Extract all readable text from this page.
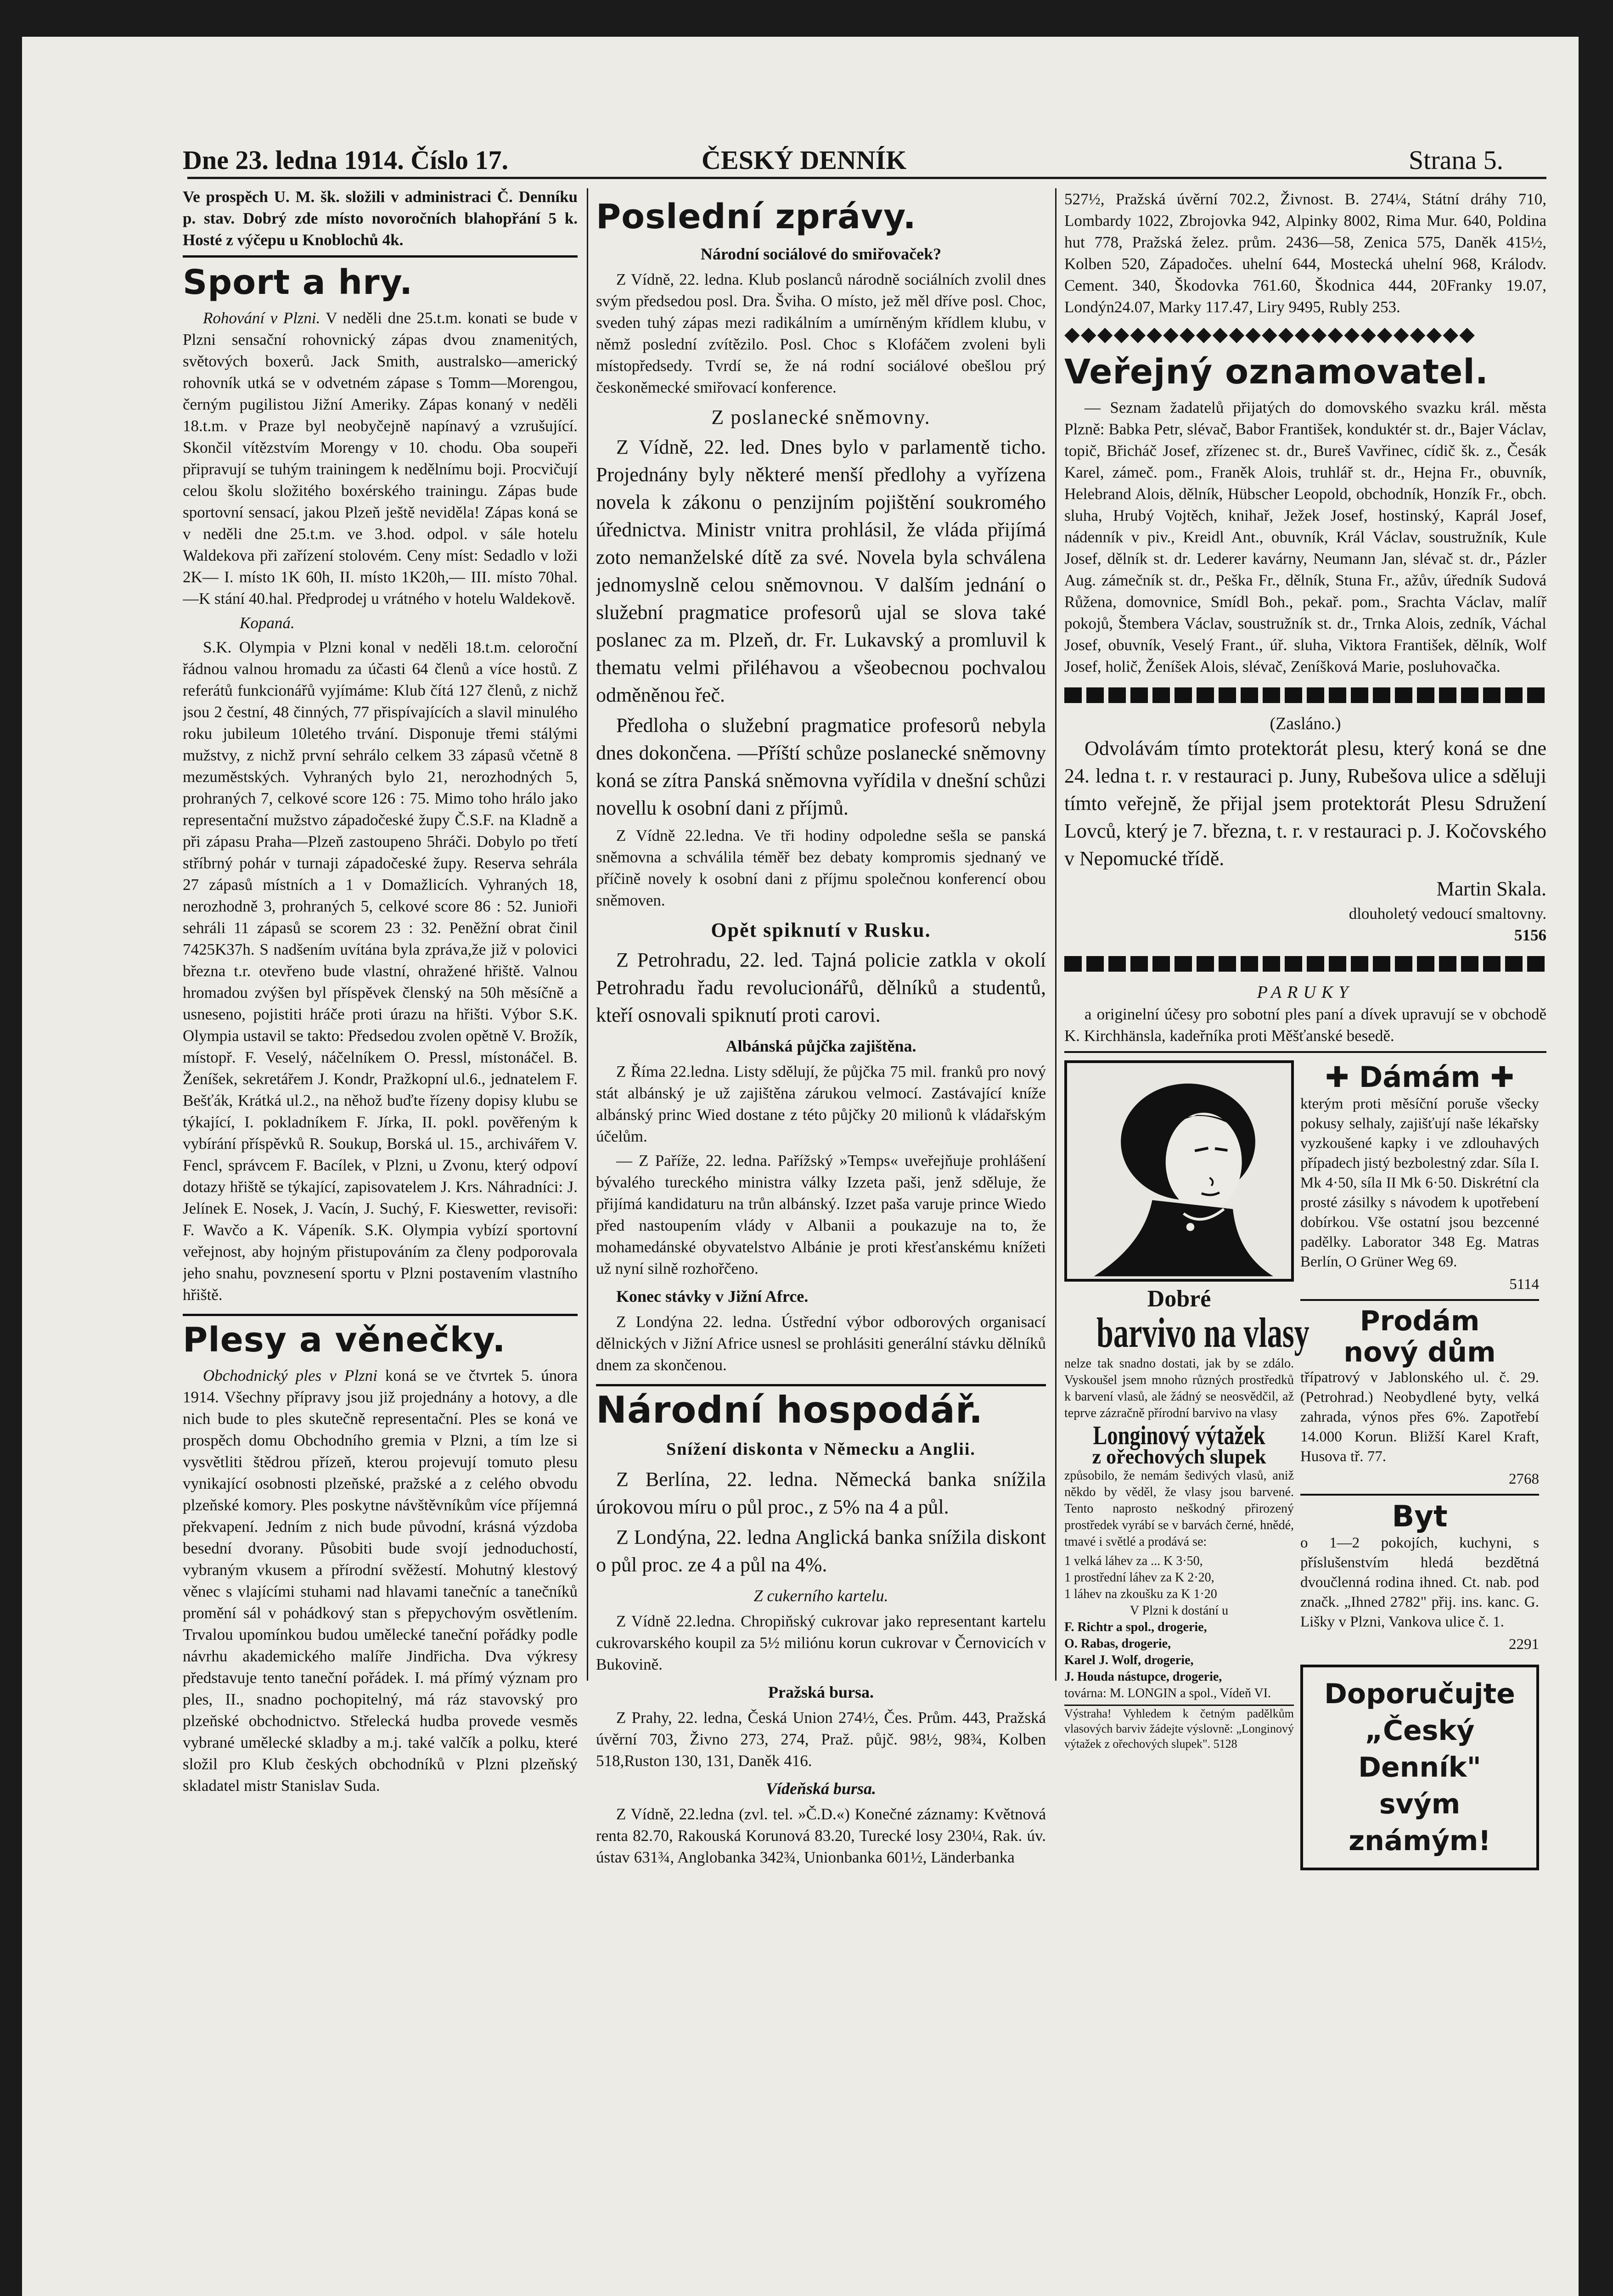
Dne 23. ledna 1914. Číslo 17.	ČESKÝ DENNÍK	Strana 5.

Ve prospěch U. M. šk. složili v administraci Č. Denníku p. stav. Dobrý zde místo novoročních blahopřání 5 k. Hosté z výčepu u Knoblochů 4k.

Sport a hry.

Rohování v Plzni. V neděli dne 25.t.m. konati se bude v Plzni sensační rohovnický zápas dvou znamenitých, světových boxerů. Jack Smith, australsko—americký rohovník utká se v odvetném zápase s Tomm—Morengou, černým pugilistou Jižní Ameriky. Zápas konaný v neděli 18.t.m. v Praze byl neobyčejně napínavý a vzrušující. Skončil vítězstvím Morengy v 10. chodu. Oba soupeři připravují se tuhým trainingem k nedělnímu boji. Procvičují celou školu složitého boxérského trainingu. Zápas bude sportovní sensací, jakou Plzeň ještě neviděla! Zápas koná se v neděli dne 25.t.m. ve 3.hod. odpol. v sále hotelu Waldekova při zařízení stolovém. Ceny míst: Sedadlo v loži 2K— I. místo 1K 60h, II. místo 1K20h,— III. místo 70hal. —K stání 40.hal. Předprodej u vrátného v hotelu Waldekově.

Kopaná.

S.K. Olympia v Plzni konal v neděli 18.t.m. celoroční řádnou valnou hromadu za účasti 64 členů a více hostů. Z referátů funkcionářů vyjímáme: Klub čítá 127 členů, z nichž jsou 2 čestní, 48 činných, 77 přispívajících a slavil minulého roku jubileum 10letého trvání. Disponuje třemi stálými mužstvy, z nichž první sehrálo celkem 33 zápasů včetně 8 mezuměstských. Vyhraných bylo 21, nerozhodných 5, prohraných 7, celkové score 126 : 75. Mimo toho hrálo jako representační mužstvo západočeské župy Č.S.F. na Kladně a při zápasu Praha—Plzeň zastoupeno 5hráči. Dobylo po třetí stříbrný pohár v turnaji západočeské župy. Reserva sehrála 27 zápasů místních a 1 v Domažlicích. Vyhraných 18, nerozhodně 3, prohraných 5, celkové score 86 : 52. Junioři sehráli 11 zápasů se scorem 23 : 32. Peněžní obrat činil 7425K37h. S nadšením uvítána byla zpráva,že již v polovici března t.r. otevřeno bude vlastní, ohražené hřiště. Valnou hromadou zvýšen byl příspěvek členský na 50h měsíčně a usneseno, pojistiti hráče proti úrazu na hřišti. Výbor S.K. Olympia ustavil se takto: Předsedou zvolen opětně V. Brožík, místopř. F. Veselý, náčelníkem O. Pressl, místonáčel. B. Ženíšek, sekretářem J. Kondr, Pražkopní ul.6., jednatelem F. Bešťák, Krátká ul.2., na něhož buďte řízeny dopisy klubu se týkající, I. pokladníkem F. Jírka, II. pokl. pověřeným k vybírání příspěvků R. Soukup, Borská ul. 15., archivářem V. Fencl, správcem F. Bacílek, v Plzni, u Zvonu, který odpoví dotazy hřiště se týkající, zapisovatelem J. Krs. Náhradníci: J. Jelínek E. Nosek, J. Vacín, J. Suchý, F. Kieswetter, revisoři: F. Wavčo a K. Vápeník. S.K. Olympia vybízí sportovní veřejnost, aby hojným přistupováním za členy podporovala jeho snahu, povznesení sportu v Plzni postavením vlastního hřiště.

Plesy a věnečky.

Obchodnický ples v Plzni koná se ve čtvrtek 5. února 1914. Všechny přípravy jsou již projednány a hotovy, a dle nich bude to ples skutečně representační. Ples se koná ve prospěch domu Obchodního gremia v Plzni, a tím lze si vysvětliti štědrou přízeň, kterou projevují tomuto plesu vynikající osobnosti plzeňské, pražské a z celého obvodu plzeňské komory. Ples poskytne návštěvníkům více příjemná překvapení. Jedním z nich bude původní, krásná výzdoba besední dvorany. Působiti bude svojí jednoduchostí, vybraným vkusem a přírodní svěžestí. Mohutný klestový věnec s vlajícími stuhami nad hlavami tanečníc a tanečníků promění sál v pohádkový stan s přepychovým osvětlením. Trvalou upomínkou budou umělecké taneční pořádky podle návrhu akademického malíře Jindřicha. Dva výkresy představuje tento taneční pořádek. I. má přímý význam pro ples, II., snadno pochopitelný, má ráz stavovský pro plzeňské obchodnictvo. Střelecká hudba provede vesměs vybrané umělecké skladby a m.j. také valčík a polku, které složil pro Klub českých obchodníků v Plzni plzeňský skladatel mistr Stanislav Suda.

Poslední zprávy.
Národní sociálové do smiřovaček?

Z Vídně, 22. ledna. Klub poslanců národně sociálních zvolil dnes svým předsedou posl. Dra. Šviha. O místo, jež měl dříve posl. Choc, sveden tuhý zápas mezi radikálním a umírněným křídlem klubu, v němž poslední zvítězilo. Posl. Choc s Klofáčem zvoleni byli místopředsedy. Tvrdí se, že ná rodní sociálové obešlou prý českoněmecké smiřovací konference.

Z poslanecké sněmovny.

Z Vídně, 22. led. Dnes bylo v parlamentě ticho. Projednány byly některé menší předlohy a vyřízena novela k zákonu o penzijním pojištění soukromého úřednictva. Ministr vnitra prohlásil, že vláda přijímá zoto nemanželské dítě za své. Novela byla schválena jednomyslně celou sněmovnou. V dalším jednání o služební pragmatice profesorů ujal se slova také poslanec za m. Plzeň, dr. Fr. Lukavský a promluvil k thematu velmi přiléhavou a všeobecnou pochvalou odměněnou řeč.

Předloha o služební pragmatice profesorů nebyla dnes dokončena. —Příští schůze poslanecké sněmovny koná se zítra Panská sněmovna vyřídila v dnešní schůzi novellu k osobní dani z příjmů.

Z Vídně 22.ledna. Ve tři hodiny odpoledne sešla se panská sněmovna a schválila téměř bez debaty kompromis sjednaný ve příčině novely k osobní dani z příjmu společnou konferencí obou sněmoven.

Opět spiknutí v Rusku.

Z Petrohradu, 22. led. Tajná policie zatkla v okolí Petrohradu řadu revolucionářů, dělníků a studentů, kteří osnovali spiknutí proti carovi.

Albánská půjčka zajištěna.

Z Říma 22.ledna. Listy sdělují, že půjčka 75 mil. franků pro nový stát albánský je už zajištěna zárukou velmocí. Zastávající kníže albánský princ Wied dostane z této půjčky 20 milionů k vládařským účelům.

— Z Paříže, 22. ledna. Pařížský »Temps« uveřejňuje prohlášení bývalého tureckého ministra války Izzeta paši, jenž sděluje, že přijímá kandidaturu na trůn albánský. Izzet paša varuje prince Wiedo před nastoupením vlády v Albanii a poukazuje na to, že mohamedánské obyvatelstvo Albánie je proti křesťanskému knížeti už nyní silně rozhořčeno.

Konec stávky v Jižní Afrce.

Z Londýna 22. ledna. Ústřední výbor odborových organisací dělnických v Jižní Africe usnesl se prohlásiti generální stávku dělníků dnem za skončenou.

Národní hospodář.
Snížení diskonta v Německu a Anglii.

Z Berlína, 22. ledna. Německá banka snížila úrokovou míru o půl proc., z 5% na 4 a půl.

Z Londýna, 22. ledna Anglická banka snížila diskont o půl proc. ze 4 a půl na 4%.

Z cukerního kartelu.

Z Vídně 22.ledna. Chropiňský cukrovar jako representant kartelu cukrovarského koupil za 5½ miliónu korun cukrovar v Černovicích v Bukovině.

Pražská bursa.

Z Prahy, 22. ledna, Česká Union 274½, Čes. Prům. 443, Pražská úvěrní 703, Živno 273, 274, Praž. půjč. 98½, 98¾, Kolben 518,Ruston 130, 131, Daněk 416.

Vídeňská bursa.

Z Vídně, 22.ledna (zvl. tel. »Č.D.«) Konečné záznamy: Květnová renta 82.70, Rakouská Korunová 83.20, Turecké losy 230¼, Rak. úv. ústav 631¾, Anglobanka 342¾, Unionbanka 601½, Länderbanka

527½, Pražská úvěrní 702.2, Živnost. B. 274¼, Státní dráhy 710, Lombardy 1022, Zbrojovka 942, Alpinky 8002, Rima Mur. 640, Poldina hut 778, Pražská želez. prům. 2436—58, Zenica 575, Daněk 415½, Kolben 520, Západočes. uhelní 644, Mostecká uhelní 968, Králodv. Cement. 340, Škodovka 761.60, Škodnica 444, 20Franky 19.07, Londýn24.07, Marky 117.47, Liry 9495, Rubly 253.

◆◆◆◆◆◆◆◆◆◆◆◆◆◆◆◆◆◆◆◆◆◆◆◆◆
Veřejný oznamovatel.

— Seznam žadatelů přijatých do domovského svazku král. města Plzně: Babka Petr, slévač, Babor František, konduktér st. dr., Bajer Václav, topič, Břicháč Josef, zřízenec st. dr., Bureš Vavřinec, cídič šk. z., Česák Karel, zámeč. pom., Franěk Alois, truhlář st. dr., Hejna Fr., obuvník, Helebrand Alois, dělník, Hübscher Leopold, obchodník, Honzík Fr., obch. sluha, Hrubý Vojtěch, knihař, Ježek Josef, hostinský, Kaprál Josef, nádenník v piv., Kreidl Ant., obuvník, Král Václav, soustružník, Kule Josef, dělník st. dr. Lederer kavárny, Neumann Jan, slévač st. dr., Pázler Aug. zámečník st. dr., Peška Fr., dělník, Stuna Fr., ažův, úředník Sudová Růžena, domovnice, Smídl Boh., pekař. pom., Srachta Václav, malíř pokojů, Štembera Václav, soustružník st. dr., Trnka Alois, zedník, Váchal Josef, obuvník, Veselý Frant., úř. sluha, Viktora František, dělník, Wolf Josef, holič, Ženíšek Alois, slévač, Zeníšková Marie, posluhovačka.

(Zasláno.)

Odvolávám tímto protektorát plesu, který koná se dne 24. ledna t. r. v restauraci p. Juny, Rubešova ulice a sděluji tímto veřejně, že přijal jsem protektorát Plesu Sdružení Lovců, který je 7. března, t. r. v restauraci p. J. Kočovského v Nepomucké třídě.

Martin Skala.
dlouholetý vedoucí smaltovny.
5156
PARUKY

a originelní účesy pro sobotní ples paní a dívek upravují se v obchodě K. Kirchhänsla, kadeřníka proti Měšťanské besedě.

Dobré
barvivo na vlasy

nelze tak snadno dostati, jak by se zdálo. Vyskoušel jsem mnoho různých prostředků k barvení vlasů, ale žádný se neosvědčil, až teprve zázračně přírodní barvivo na vlasy

Longinový výtažek
z ořechových slupek

způsobilo, že nemám šedivých vlasů, aniž někdo by věděl, že vlasy jsou barvené. Tento naprosto neškodný přirozený prostředek vyrábí se v barvách černé, hnědé, tmavé i světlé a prodává se:

1 velká láhev za ... K 3·50,
1 prostřední láhev za K 2·20,
1 láhev na zkoušku za K 1·20
V Plzni k dostání u
F. Richtr a spol., drogerie,
O. Rabas, drogerie,
Karel J. Wolf, drogerie,
J. Houda nástupce, drogerie,
továrna: M. LONGIN a spol., Vídeň VI.

Výstraha! Vyhledem k četným padělkům vlasových barviv žádejte výslovně: „Longinový výtažek z ořechových slupek". 5128

✚ Dámám ✚

kterým proti měsíční poruše všecky pokusy selhaly, zajišťují naše lékařsky vyzkoušené kapky i ve zdlouhavých případech jistý bezbolestný zdar. Síla I. Mk 4·50, síla II Mk 6·50. Diskrétní cla prosté zásilky s návodem k upotřebení dobírkou. Vše ostatní jsou bezcenné padělky. Laborator 348 Eg. Matras Berlín, O Grüner Weg 69.

5114
Prodám
nový dům

třípatrový v Jablonského ul. č. 29. (Petrohrad.) Neobydlené byty, velká zahrada, výnos přes 6%. Zapotřebí 14.000 Korun. Bližší Karel Kraft, Husova tř. 77.

2768
Byt

o 1—2 pokojích, kuchyni, s příslušenstvím hledá bezdětná dvoučlenná rodina ihned. Ct. nab. pod značk. „Ihned 2782" přij. ins. kanc. G. Lišky v Plzni, Vankova ulice č. 1.

2291
Doporučujte
„Český Denník"
svým známým!
